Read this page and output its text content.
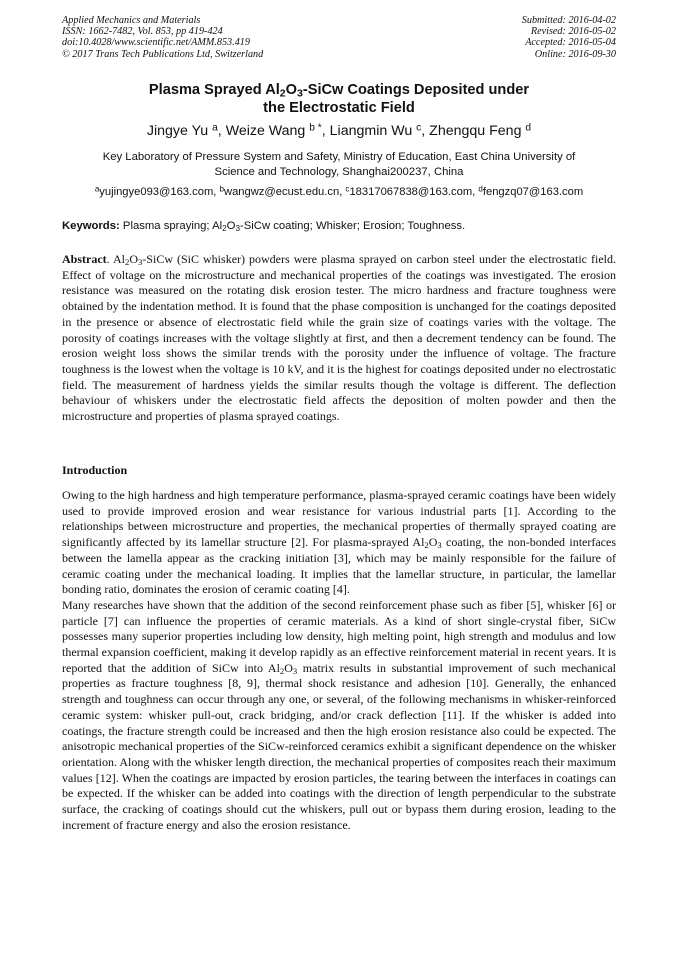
Applied Mechanics and Materials
ISSN: 1662-7482, Vol. 853, pp 419-424
doi:10.4028/www.scientific.net/AMM.853.419
© 2017 Trans Tech Publications Ltd, Switzerland
Submitted: 2016-04-02
Revised: 2016-05-02
Accepted: 2016-05-04
Online: 2016-09-30
Plasma Sprayed $Al_2O_3$-SiCw Coatings Deposited under
the Electrostatic Field
Jingye Yu $^a$, Weize Wang $^{b *}$, Liangmin Wu $^c$, Zhengqu Feng $^d$
Key Laboratory of Pressure System and Safety, Ministry of Education, East China University of
Science and Technology, Shanghai200237, China
$^a$yujingye093@163.com, $^b$wangwz@ecust.edu.cn, $^c$18317067838@163.com, $^d$fengzq07@163.com
Keywords: Plasma spraying; $Al_2O_3$-SiCw coating; Whisker; Erosion; Toughness.
Abstract. $Al_2O_3$-SiCw (SiC whisker) powders were plasma sprayed on carbon steel under the electrostatic field. Effect of voltage on the microstructure and mechanical properties of the coatings was investigated. The erosion resistance was measured on the rotating disk erosion tester. The micro hardness and fracture toughness were obtained by the indentation method. It is found that the phase composition is unchanged for the coatings deposited in the presence or absence of electrostatic field while the grain size of coatings varies with the voltage. The porosity of coatings increases with the voltage slightly at first, and then a decrement tendency can be found. The erosion weight loss shows the similar trends with the porosity under the influence of voltage. The fracture toughness is the lowest when the voltage is 10 kV, and it is the highest for coatings deposited under no electrostatic field. The measurement of hardness yields the similar results though the voltage is different. The deflection behaviour of whiskers under the electrostatic field affects the deposition of molten powder and then the microstructure and properties of plasma sprayed coatings.
Introduction

Owing to the high hardness and high temperature performance, plasma-sprayed ceramic coatings have been widely used to provide improved erosion and wear resistance for various industrial parts [1]. According to the relationships between microstructure and properties, the mechanical properties of thermally sprayed coating are significantly affected by its lamellar structure [2]. For plasma-sprayed $Al_2O_3$ coating, the non-bonded interfaces between the lamella appear as the cracking initiation [3], which may be mainly responsible for the failure of ceramic coating under the mechanical loading. It implies that the lamellar structure, in particular, the lamellar bonding ratio, dominates the erosion of ceramic coating [4].

Many researches have shown that the addition of the second reinforcement phase such as fiber [5], whisker [6] or particle [7] can influence the properties of ceramic materials. As a kind of short single-crystal fiber, SiCw possesses many superior properties including low density, high melting point, high strength and modulus and low thermal expansion coefficient, making it develop rapidly as an effective reinforcement material in recent years. It is reported that the addition of SiCw into $Al_2O_3$ matrix results in substantial improvement of such mechanical properties as fracture toughness [8, 9], thermal shock resistance and adhesion [10]. Generally, the enhanced strength and toughness can occur through any one, or several, of the following mechanisms in whisker-reinforced ceramic system: whisker pull-out, crack bridging, and/or crack deflection [11]. If the whisker is added into coatings, the fracture strength could be increased and then the high erosion resistance also could be expected. The anisotropic mechanical properties of the SiCw-reinforced ceramics exhibit a significant dependence on the whisker orientation. Along with the whisker length direction, the mechanical properties of composites reach their maximum values [12]. When the coatings are impacted by erosion particles, the tearing between the interfaces in coatings can be expected. If the whisker can be added into coatings with the direction of length perpendicular to the substrate surface, the cracking of coatings should cut the whiskers, pull out or bypass them during erosion, leading to the increment of fracture energy and also the erosion resistance.
